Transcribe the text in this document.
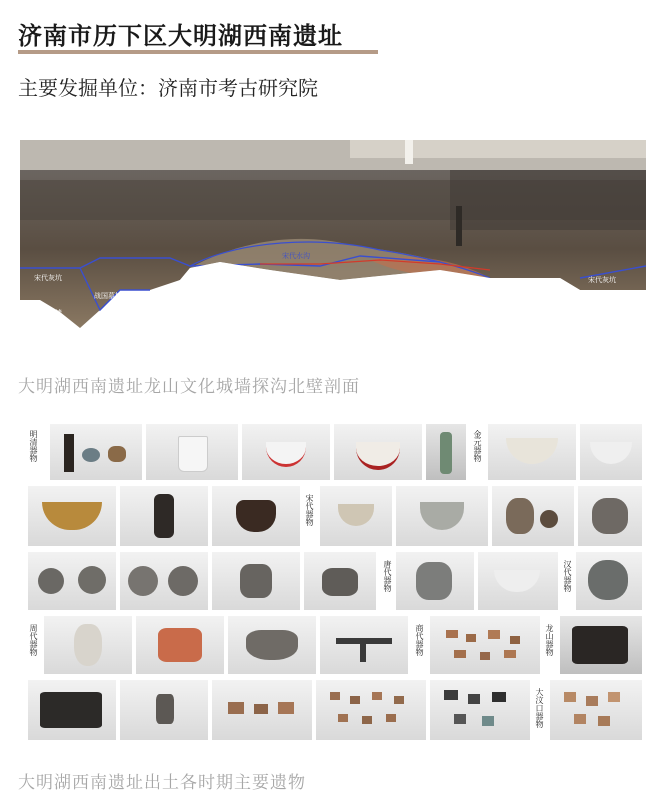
济南市历下区大明湖西南遗址
主要发掘单位：济南市考古研究院
宋代灰坑
战国墓槽
战国城墙
宋代水沟
宋代灰坑
大明湖西南遗址龙山文化城墙探沟北壁剖面
明清器物	金元器物
宋代器物
唐代器物	汉代器物
周代器物	商代器物	龙山器物
大汶口器物
大明湖西南遗址出土各时期主要遗物
